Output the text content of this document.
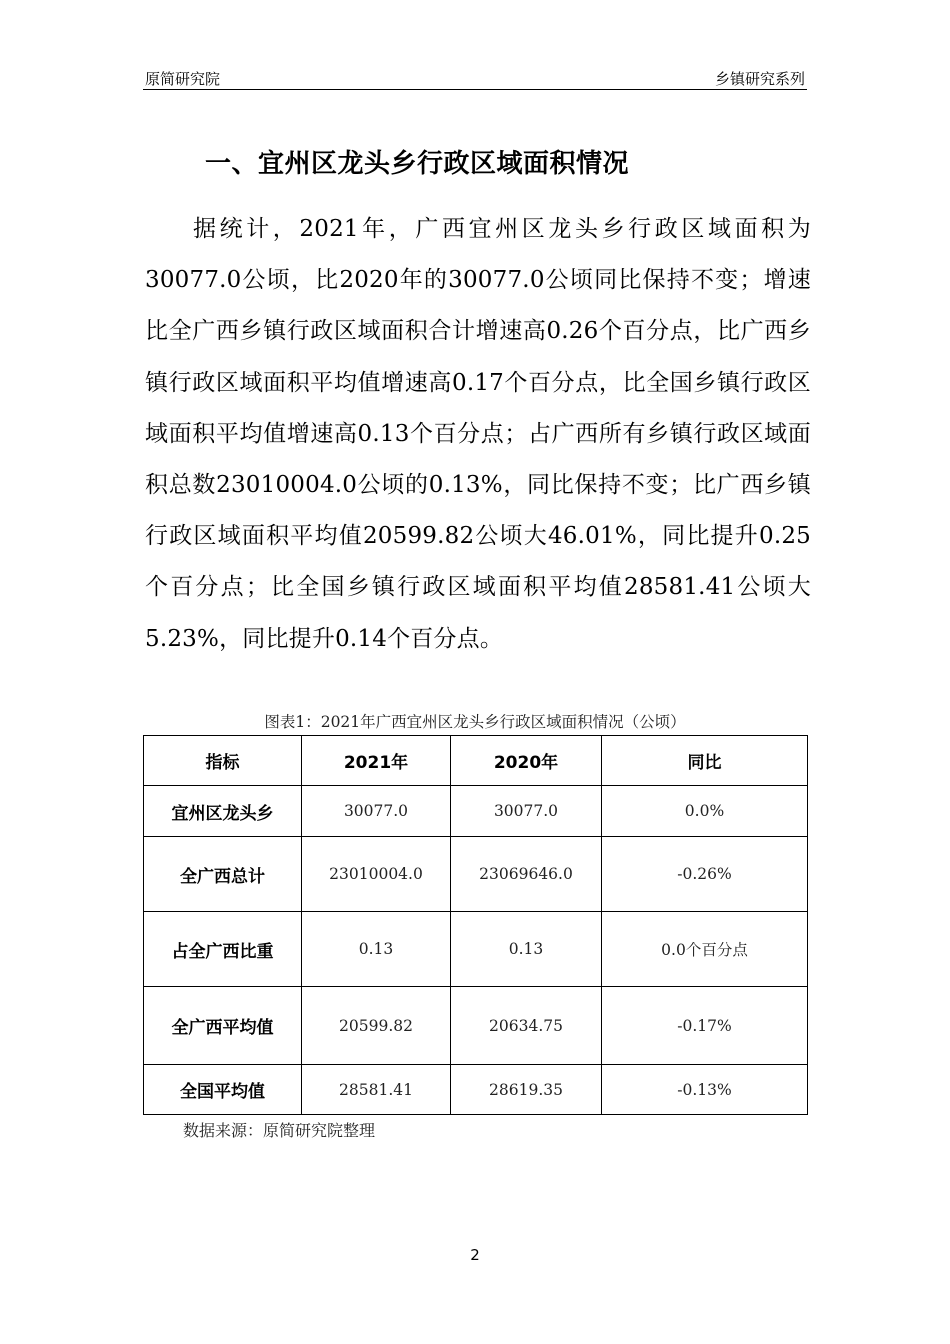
原简研究院	乡镇研究系列
一、宜州区龙头乡行政区域面积情况

据统计，2021年，广西宜州区龙头乡行政区域面积为30077.0公顷，比2020年的30077.0公顷同比保持不变；增速比全广西乡镇行政区域面积合计增速高0.26个百分点，比广西乡镇行政区域面积平均值增速高0.17个百分点，比全国乡镇行政区域面积平均值增速高0.13个百分点；占广西所有乡镇行政区域面积总数23010004.0公顷的0.13%，同比保持不变；比广西乡镇行政区域面积平均值20599.82公顷大46.01%，同比提升0.25个百分点；比全国乡镇行政区域面积平均值28581.41公顷大5.23%，同比提升0.14个百分点。

图表1：2021年广西宜州区龙头乡行政区域面积情况（公顷）
指标	2021年	2020年	同比
宜州区龙头乡	30077.0	30077.0	0.0%
全广西总计	23010004.0	23069646.0	-0.26%
占全广西比重	0.13	0.13	0.0个百分点
全广西平均值	20599.82	20634.75	-0.17%
全国平均值	28581.41	28619.35	-0.13%
数据来源：原简研究院整理
2
